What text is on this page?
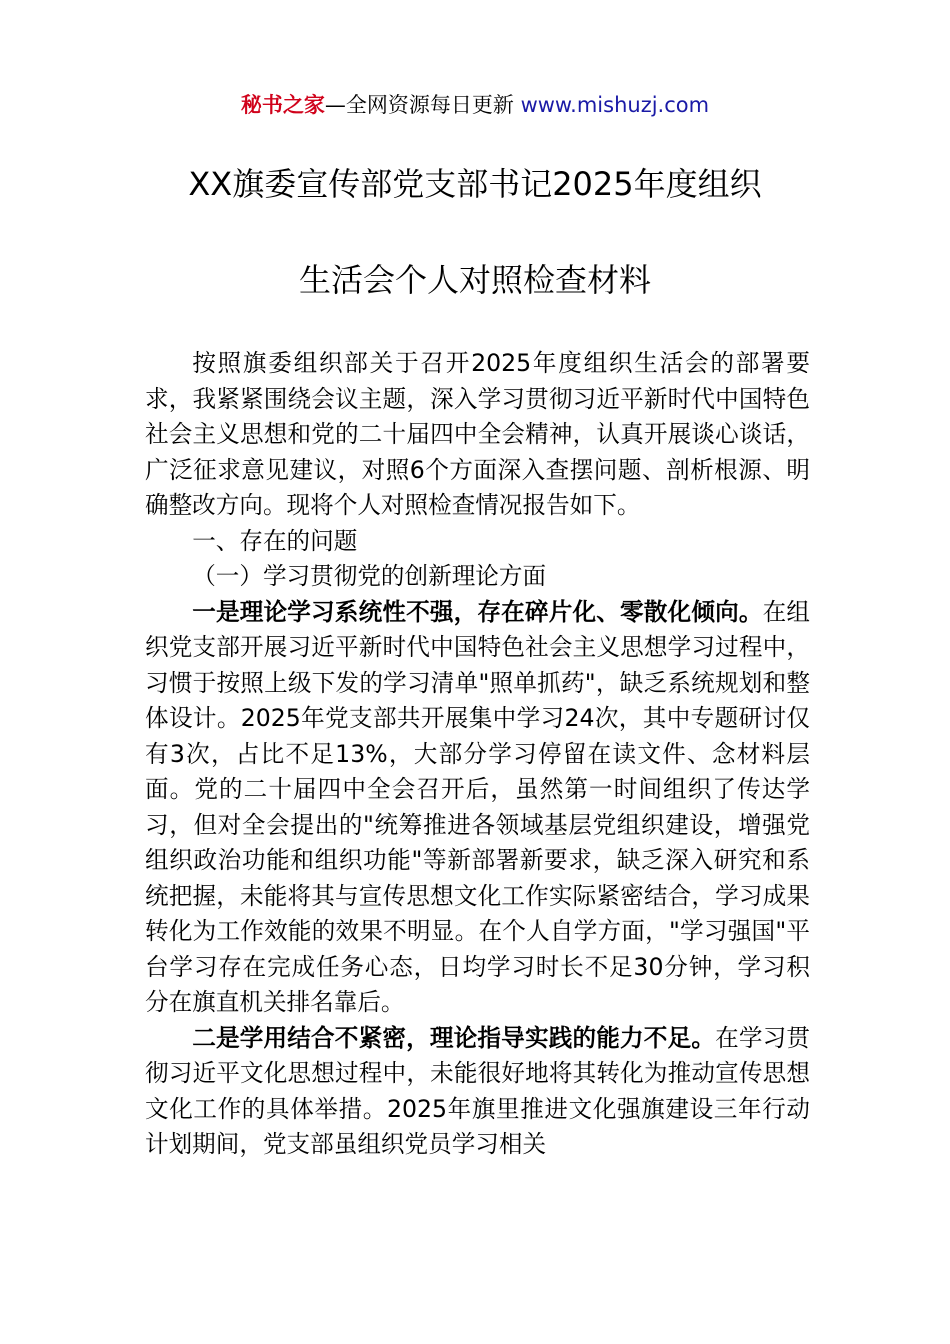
秘书之家—全网资源每日更新 www.mishuzj.com
XX旗委宣传部党支部书记2025年度组织
生活会个人对照检查材料

按照旗委组织部关于召开2025年度组织生活会的部署要求，我紧紧围绕会议主题，深入学习贯彻习近平新时代中国特色社会主义思想和党的二十届四中全会精神，认真开展谈心谈话，广泛征求意见建议，对照6个方面深入查摆问题、剖析根源、明确整改方向。现将个人对照检查情况报告如下。

一、存在的问题

（一）学习贯彻党的创新理论方面

一是理论学习系统性不强，存在碎片化、零散化倾向。在组织党支部开展习近平新时代中国特色社会主义思想学习过程中，习惯于按照上级下发的学习清单"照单抓药"，缺乏系统规划和整体设计。2025年党支部共开展集中学习24次，其中专题研讨仅有3次，占比不足13%，大部分学习停留在读文件、念材料层面。党的二十届四中全会召开后，虽然第一时间组织了传达学习，但对全会提出的"统筹推进各领域基层党组织建设，增强党组织政治功能和组织功能"等新部署新要求，缺乏深入研究和系统把握，未能将其与宣传思想文化工作实际紧密结合，学习成果转化为工作效能的效果不明显。在个人自学方面，"学习强国"平台学习存在完成任务心态，日均学习时长不足30分钟，学习积分在旗直机关排名靠后。

二是学用结合不紧密，理论指导实践的能力不足。在学习贯彻习近平文化思想过程中，未能很好地将其转化为推动宣传思想文化工作的具体举措。2025年旗里推进文化强旗建设三年行动计划期间，党支部虽组织党员学习相关
